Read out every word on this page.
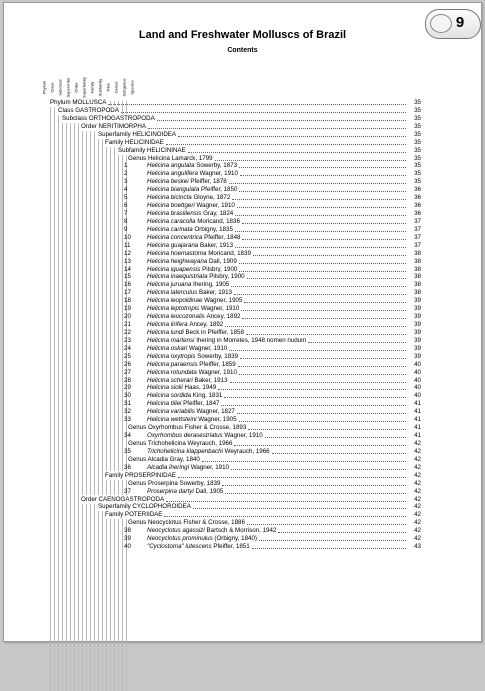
Land and Freshwater Molluscs of Brazil
Contents
9
Phylum Class Subclass Superorder Order Superfamily Family Subfamily Tribe Genus Subgenus Species
Phylum MOLLUSCA	35
Class GASTROPODA	35
Subclass ORTHOGASTROPODA	35
Order NERITIMORPHA	35
Superfamily HELICINOIDEA	35
Family HELICINIDAE	35
Subfamily HELICININAE	35
Genus Helicina Lamarck, 1799	35
1	Helicina angulata Sowerby, 1873	35
2	Helicina angulifera Wagner, 1910	35
3	Helicina beskei Pfeiffer, 1878	35
4	Helicina biangulata Pfeiffer, 1850	36
5	Helicina bicincta Gloyne, 1872	36
6	Helicina boettgeri Wagner, 1910	36
7	Helicina brasiliensis Gray, 1824	36
8	Helicina caracolla Moricand, 1836	37
9	Helicina carinata Orbigny, 1835	37
10	Helicina concentrica Pfeiffer, 1848	37
11	Helicina guajarana Baker, 1913	37
12	Helicina hoemastoma Moricand, 1839	38
13	Helicina heighwayana Dall, 1909	38
14	Helicina iguapensis Pilsbry, 1900	38
15	Helicina inaequistriata Pilsbry, 1900	38
16	Helicina juruana Ihering, 1905	38
17	Helicina laterculus Baker, 1913	38
18	Helicina leopoldinae Wagner, 1905	39
19	Helicina leptotropis Wagner, 1910	39
20	Helicina leucozonalis Ancey, 1892	39
21	Helicina lirifera Ancey, 1892	39
22	Helicina lundi Beck in Pfeiffer, 1858	39
23	Helicina martensi Ihering in Morretes, 1948 nomen nudum	39
24	Helicina oskari Wagner, 1910	39
25	Helicina oxytropis Sowerby, 1839	39
26	Helicina paraensis Pfeiffer, 1859	40
27	Helicina rotundata Wagner, 1910	40
28	Helicina scherari Baker, 1913	40
29	Helicina siolii Haas, 1949	40
30	Helicina sordida King, 1831	40
31	Helicina tiliei Pfeiffer, 1847	41
32	Helicina variabilis Wagner, 1827	41
33	Helicina wettsteini Wagner, 1905	41
Genus Oxyrhombus Fisher & Crosse, 1893	41
34	Oxyrhombus derasestriatus Wagner, 1910	41
Genus Trichohelicina Weyrauch, 1966	42
35	Trichohelicina klappenbachi Weyrauch, 1966	42
Genus Alcadia Gray, 1840	42
36	Alcadia iheringi Wagner, 1910	42
Family PROSERPINIDAE	42
Genus Proserpina Sowerby, 1839	42
37	Proserpina dartyi Dall, 1905	42
Order CAENOGASTROPODA	42
Superfamily CYCLOPHOROIDEA	42
Family POTERIIDAE	42
Genus Neocyclotus Fisher & Crosse, 1886	42
38	Neocyclotus agassizi Bartsch & Morrison, 1942	42
39	Neocyclotus prominulus (Orbigny, 1840)	42
40	"Cyclostoma" lutescens Pfeiffer, 1851	43
